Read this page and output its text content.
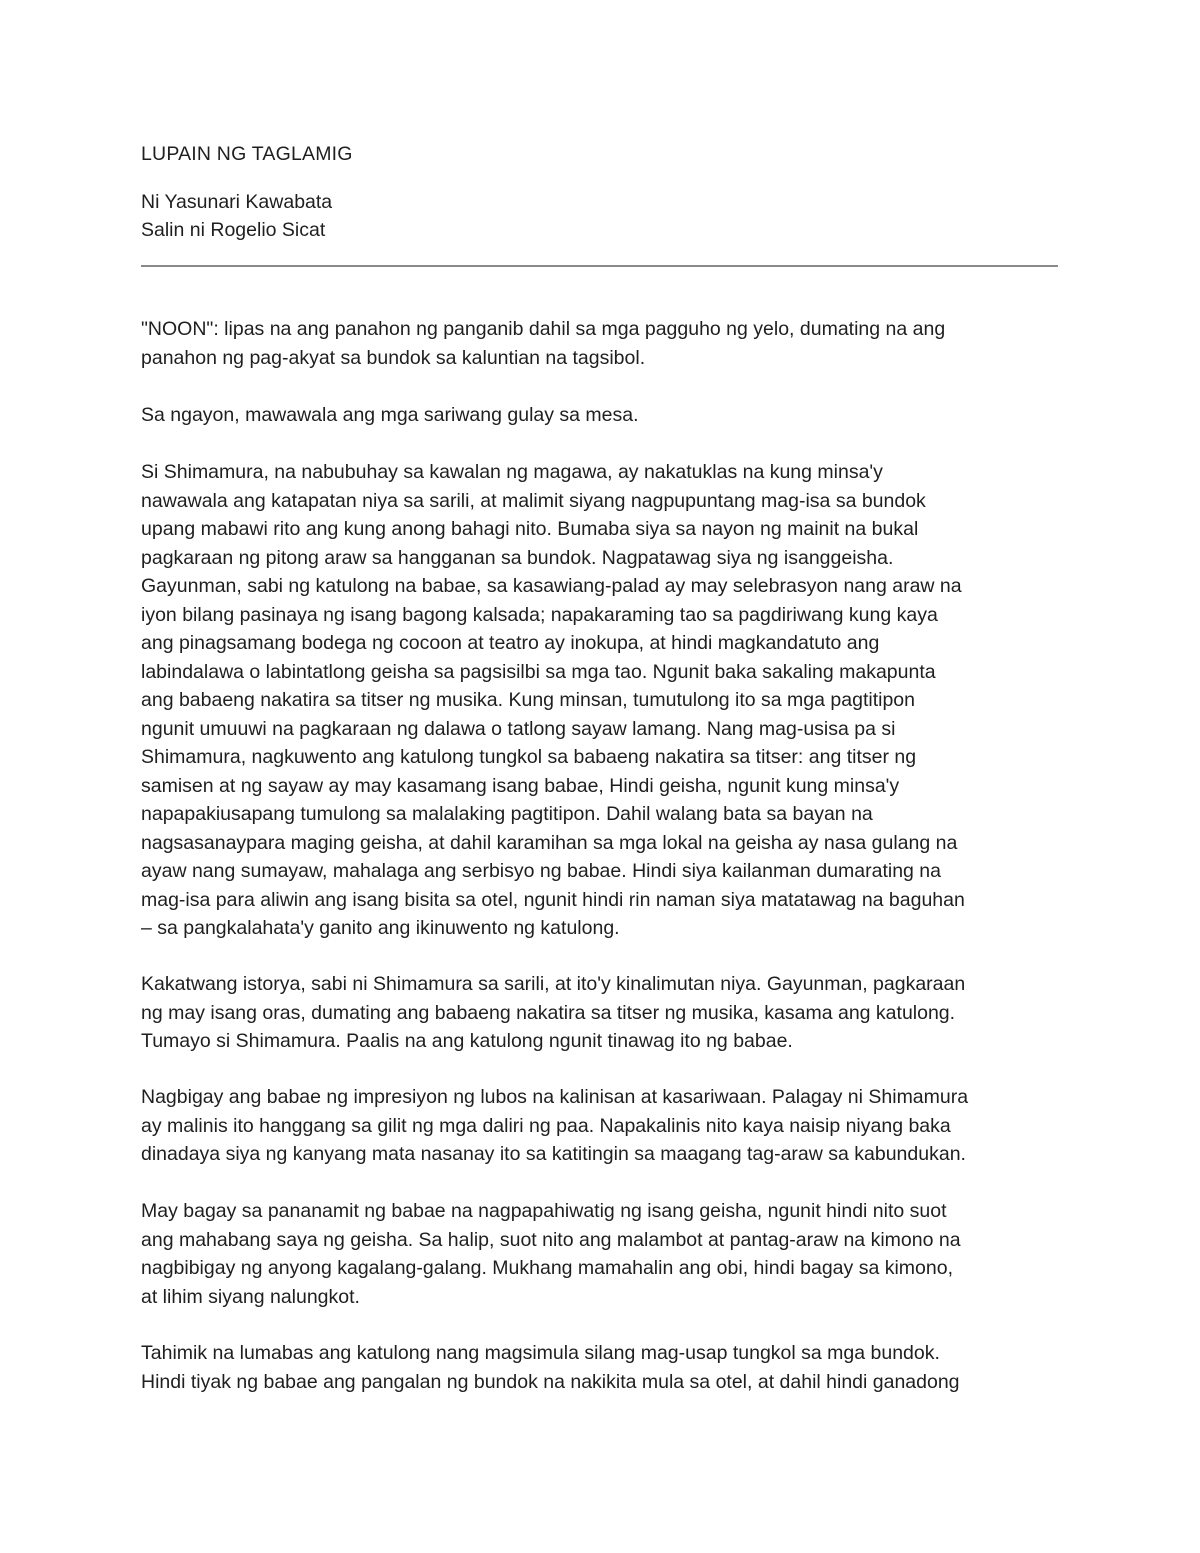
LUPAIN NG TAGLAMIG
Ni Yasunari Kawabata
Salin ni Rogelio Sicat

"NOON": lipas na ang panahon ng panganib dahil sa mga pagguho ng yelo, dumating na ang
panahon ng pag-akyat sa bundok sa kaluntian na tagsibol.

Sa ngayon, mawawala ang mga sariwang gulay sa mesa.

Si Shimamura, na nabubuhay sa kawalan ng magawa, ay nakatuklas na kung minsa'y
nawawala ang katapatan niya sa sarili, at malimit siyang nagpupuntang mag-isa sa bundok
upang mabawi rito ang kung anong bahagi nito. Bumaba siya sa nayon ng mainit na bukal
pagkaraan ng pitong araw sa hangganan sa bundok. Nagpatawag siya ng isanggeisha.
Gayunman, sabi ng katulong na babae, sa kasawiang-palad ay may selebrasyon nang araw na
iyon bilang pasinaya ng isang bagong kalsada; napakaraming tao sa pagdiriwang kung kaya
ang pinagsamang bodega ng cocoon at teatro ay inokupa, at hindi magkandatuto ang
labindalawa o labintatlong geisha sa pagsisilbi sa mga tao. Ngunit baka sakaling makapunta
ang babaeng nakatira sa titser ng musika. Kung minsan, tumutulong ito sa mga pagtitipon
ngunit umuuwi na pagkaraan ng dalawa o tatlong sayaw lamang. Nang mag-usisa pa si
Shimamura, nagkuwento ang katulong tungkol sa babaeng nakatira sa titser: ang titser ng
samisen at ng sayaw ay may kasamang isang babae, Hindi geisha, ngunit kung minsa'y
napapakiusapang tumulong sa malalaking pagtitipon. Dahil walang bata sa bayan na
nagsasanaypara maging geisha, at dahil karamihan sa mga lokal na geisha ay nasa gulang na
ayaw nang sumayaw, mahalaga ang serbisyo ng babae. Hindi siya kailanman dumarating na
mag-isa para aliwin ang isang bisita sa otel, ngunit hindi rin naman siya matatawag na baguhan
– sa pangkalahata'y ganito ang ikinuwento ng katulong.

Kakatwang istorya, sabi ni Shimamura sa sarili, at ito'y kinalimutan niya. Gayunman, pagkaraan
ng may isang oras, dumating ang babaeng nakatira sa titser ng musika, kasama ang katulong.
Tumayo si Shimamura. Paalis na ang katulong ngunit tinawag ito ng babae.

Nagbigay ang babae ng impresiyon ng lubos na kalinisan at kasariwaan. Palagay ni Shimamura
ay malinis ito hanggang sa gilit ng mga daliri ng paa. Napakalinis nito kaya naisip niyang baka
dinadaya siya ng kanyang mata nasanay ito sa katitingin sa maagang tag-araw sa kabundukan.

May bagay sa pananamit ng babae na nagpapahiwatig ng isang geisha, ngunit hindi nito suot
ang mahabang saya ng geisha. Sa halip, suot nito ang malambot at pantag-araw na kimono na
nagbibigay ng anyong kagalang-galang. Mukhang mamahalin ang obi, hindi bagay sa kimono,
at lihim siyang nalungkot.

Tahimik na lumabas ang katulong nang magsimula silang mag-usap tungkol sa mga bundok.
Hindi tiyak ng babae ang pangalan ng bundok na nakikita mula sa otel, at dahil hindi ganadong
